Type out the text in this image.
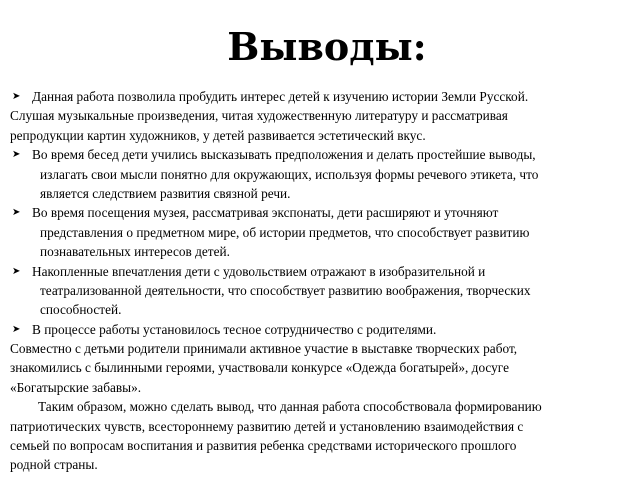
Выводы:
➤ Данная работа позволила пробудить интерес детей к изучению истории Земли Русской.
Слушая музыкальные произведения, читая художественную литературу и рассматривая
репродукции картин художников, у детей развивается эстетический вкус.
➤ Во время бесед дети учились высказывать предположения и делать простейшие выводы,
излагать свои мысли понятно для окружающих, используя формы речевого этикета, что
является следствием развития связной речи.
➤ Во время посещения музея, рассматривая экспонаты, дети расширяют и уточняют
представления о предметном мире, об истории предметов, что способствует развитию
познавательных интересов детей.
➤ Накопленные впечатления дети с удовольствием отражают в изобразительной и
театрализованной деятельности, что способствует развитию воображения, творческих
способностей.
➤ В процессе работы установилось тесное сотрудничество с родителями.
Совместно с детьми родители принимали активное участие в выставке творческих работ,
знакомились с былинными героями, участвовали конкурсе «Одежда богатырей», досуге
«Богатырские забавы».
Таким образом, можно сделать вывод, что данная работа способствовала формированию
патриотических чувств, всестороннему развитию детей и установлению взаимодействия с
семьей по вопросам воспитания и развития ребенка средствами исторического прошлого
родной страны.
